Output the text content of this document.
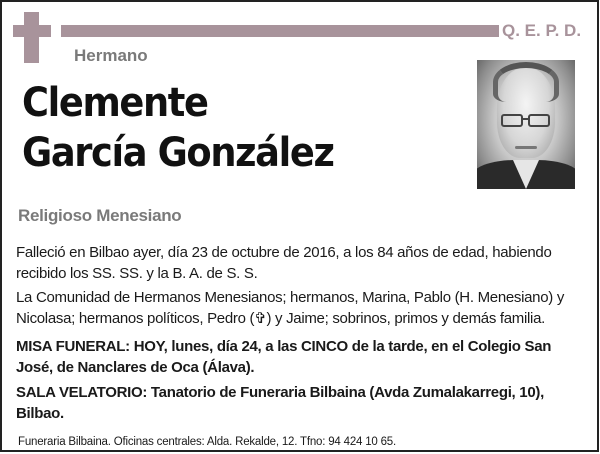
Q. E. P. D.
Hermano
Clemente
García González
Religioso Menesiano
Falleció en Bilbao ayer, día 23 de octubre de 2016, a los 84 años de edad, habiendo recibido los SS. SS. y la B. A. de S. S.
La Comunidad de Hermanos Menesianos; hermanos, Marina, Pablo (H. Menesiano) y Nicolasa; hermanos políticos, Pedro (✞) y Jaime; sobrinos, primos y demás familia.
MISA FUNERAL: HOY, lunes, día 24, a las CINCO de la tarde, en el Colegio San José, de Nanclares de Oca (Álava).
SALA VELATORIO: Tanatorio de Funeraria Bilbaina (Avda Zumalakarregi, 10), Bilbao.
Funeraria Bilbaina. Oficinas centrales: Alda. Rekalde, 12. Tfno: 94 424 10 65.
